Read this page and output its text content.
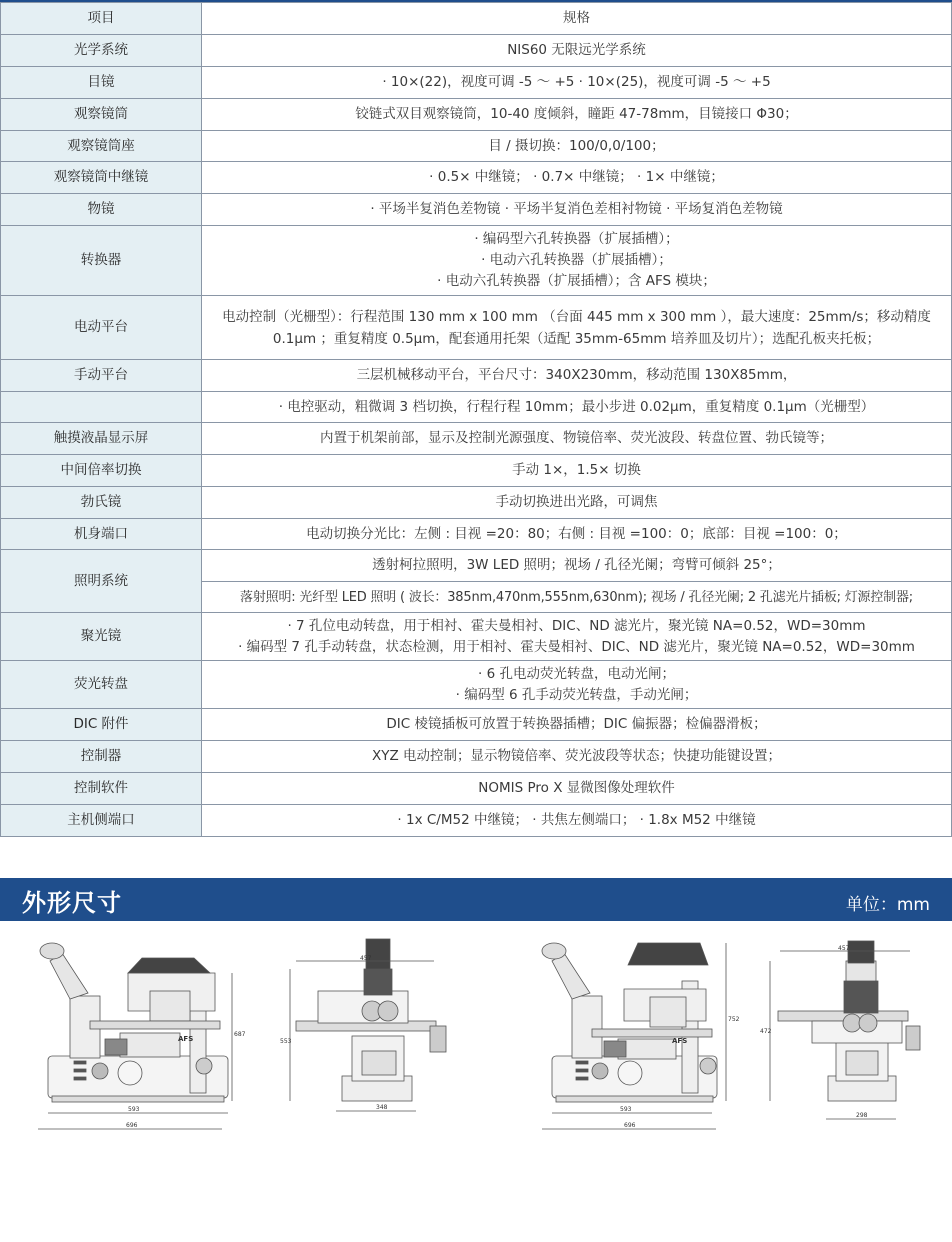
项目	规格
光学系统	NIS60 无限远光学系统
目镜	· 10×(22)，视度可调 -5 ～ +5 · 10×(25)，视度可调 -5 ～ +5
观察镜筒	铰链式双目观察镜筒，10-40 度倾斜，瞳距 47-78mm，目镜接口 Φ30；
观察镜筒座	目 / 摄切换：100/0,0/100；
观察镜筒中继镜	· 0.5× 中继镜； · 0.7× 中继镜； · 1× 中继镜；
物镜	· 平场半复消色差物镜 · 平场半复消色差相衬物镜 · 平场复消色差物镜
转换器	· 编码型六孔转换器（扩展插槽）；
· 电动六孔转换器（扩展插槽）；
· 电动六孔转换器（扩展插槽）；含 AFS 模块；

电动平台	电动控制（光栅型）：行程范围 130 mm x 100 mm （台面 445 mm x 300 mm ），最大速度：25mm/s；移动精度 0.1μm ；重复精度 0.5μm，配套通用托架（适配 35mm-65mm 培养皿及切片）；选配孔板夹托板；
手动平台	三层机械移动平台，平台尺寸：340X230mm，移动范围 130X85mm，
	· 电控驱动，粗微调 3 档切换，行程行程 10mm；最小步进 0.02μm，重复精度 0.1μm（光栅型）
触摸液晶显示屏	内置于机架前部，显示及控制光源强度、物镜倍率、荧光波段、转盘位置、勃氏镜等；
中间倍率切换	手动 1×，1.5× 切换
勃氏镜	手动切换进出光路，可调焦
机身端口	电动切换分光比：左侧 : 目视 =20：80；右侧 : 目视 =100：0；底部：目视 =100：0；
照明系统	透射柯拉照明，3W LED 照明；视场 / 孔径光阑；弯臂可倾斜 25°；
	落射照明: 光纤型 LED 照明 ( 波长：385nm,470nm,555nm,630nm); 视场 / 孔径光阑; 2 孔滤光片插板; 灯源控制器;
聚光镜	· 7 孔位电动转盘，用于相衬、霍夫曼相衬、DIC、ND 滤光片，聚光镜 NA=0.52，WD=30mm
· 编码型 7 孔手动转盘，状态检测，用于相衬、霍夫曼相衬、DIC、ND 滤光片，聚光镜 NA=0.52，WD=30mm

荧光转盘	· 6 孔电动荧光转盘，电动光闸；
· 编码型 6 孔手动荧光转盘，手动光闸；

DIC 附件	DIC 棱镜插板可放置于转换器插槽；DIC 偏振器；检偏器滑板；
控制器	XYZ 电动控制；显示物镜倍率、荧光波段等状态；快捷功能键设置；
控制软件	NOMIS Pro X 显微图像处理软件
主机侧端口	· 1x C/M52 中继镜； · 共焦左侧端口； · 1.8x M52 中继镜
外形尺寸	单位：mm
593
696
687
AFS
457
553
348	593
696
752
AFS
457
472
298
